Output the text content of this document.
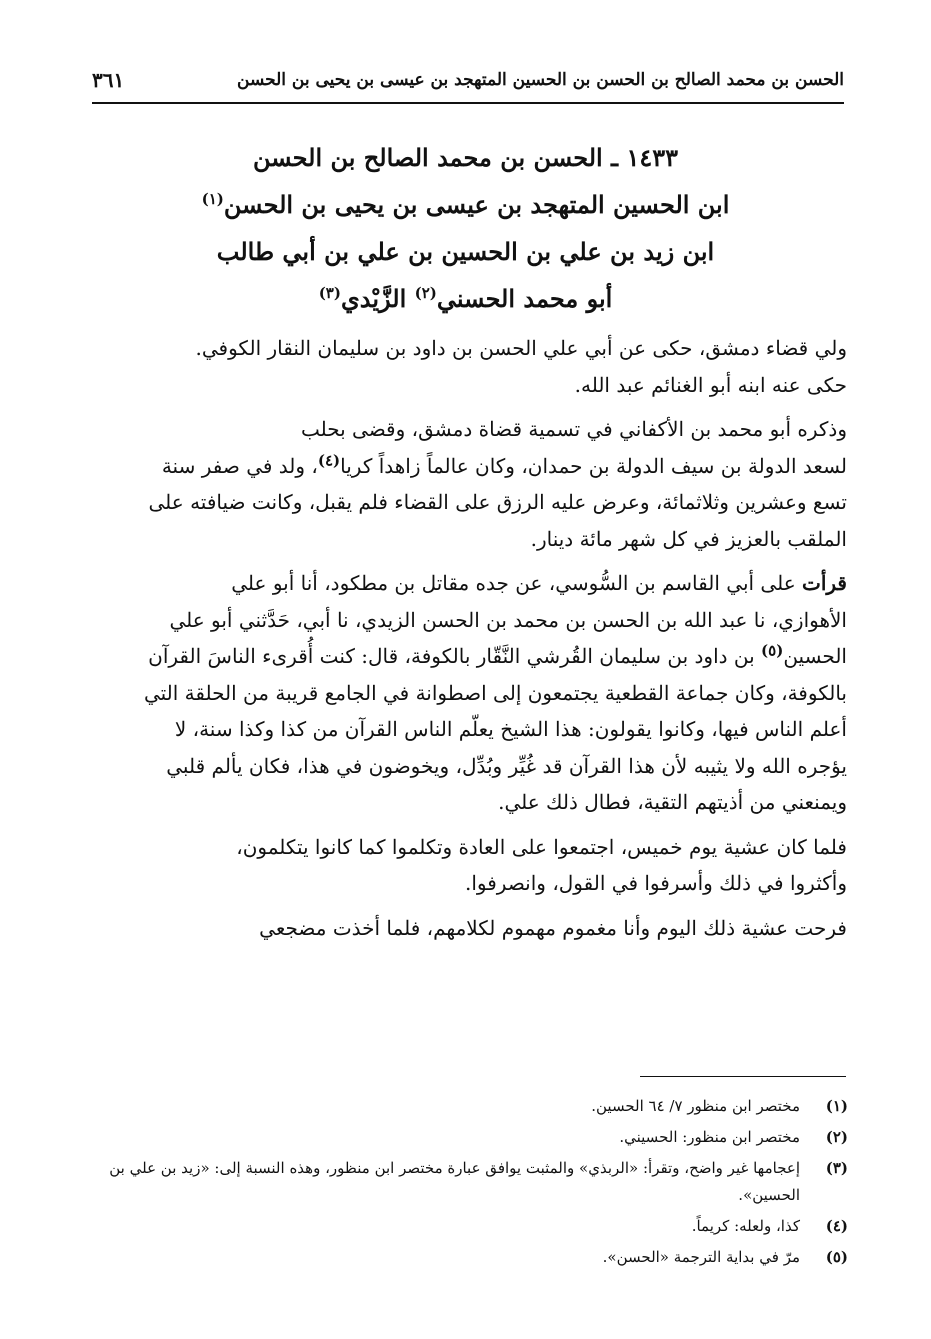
الحسن بن محمد الصالح بن الحسن بن الحسين المتهجد بن عيسى بن يحيى بن الحسن
٣٦١
١٤٣٣ ـ الحسن بن محمد الصالح بن الحسن
ابن الحسين المتهجد بن عيسى بن يحيى بن الحسن$^{(١)}$
ابن زيد بن علي بن الحسين بن علي بن أبي طالب
أبو محمد الحسني$^{(٢)}$ الزَّيْدي$^{(٣)}$

ولي قضاء دمشق، حكى عن أبي علي الحسن بن داود بن سليمان النقار الكوفي.

حكى عنه ابنه أبو الغنائم عبد الله.

وذكره أبو محمد بن الأكفاني في تسمية قضاة دمشق، وقضى بحلب

لسعد الدولة بن سيف الدولة بن حمدان، وكان عالماً زاهداً كريا$^{(٤)}$، ولد في صفر سنة

تسع وعشرين وثلاثمائة، وعرض عليه الرزق على القضاء فلم يقبل، وكانت ضيافته على

الملقب بالعزيز في كل شهر مائة دينار.

قرأت على أبي القاسم بن السُّوسي، عن جده مقاتل بن مطكود، أنا أبو علي

الأهوازي، نا عبد الله بن الحسن بن محمد بن الحسن الزيدي، نا أبي، حَدَّثني أبو علي

الحسين$^{(٥)}$ بن داود بن سليمان القُرشي النَّقّار بالكوفة، قال: كنت أُقرىء الناسَ القرآن

بالكوفة، وكان جماعة القطعية يجتمعون إلى اصطوانة في الجامع قريبة من الحلقة التي

أعلم الناس فيها، وكانوا يقولون: هذا الشيخ يعلّم الناس القرآن من كذا وكذا سنة، لا

يؤجره الله ولا يثيبه لأن هذا القرآن قد غُيِّر وبُدِّل، ويخوضون في هذا، فكان يألم قلبي

ويمنعني من أذيتهم التقية، فطال ذلك علي.

فلما كان عشية يوم خميس، اجتمعوا على العادة وتكلموا كما كانوا يتكلمون،

وأكثروا في ذلك وأسرفوا في القول، وانصرفوا.

فرحت عشية ذلك اليوم وأنا مغموم مهموم لكلامهم، فلما أخذت مضجعي

(١)
مختصر ابن منظور ٧/ ٦٤ الحسين.
(٢)
مختصر ابن منظور: الحسيني.
(٣)
إعجامها غير واضح، وتقرأ: «الربذي» والمثبت يوافق عبارة مختصر ابن منظور، وهذه النسبة إلى: «زيد بن علي بن الحسين».
(٤)
كذا، ولعله: كريماً.
(٥)
مرّ في بداية الترجمة «الحسن».
